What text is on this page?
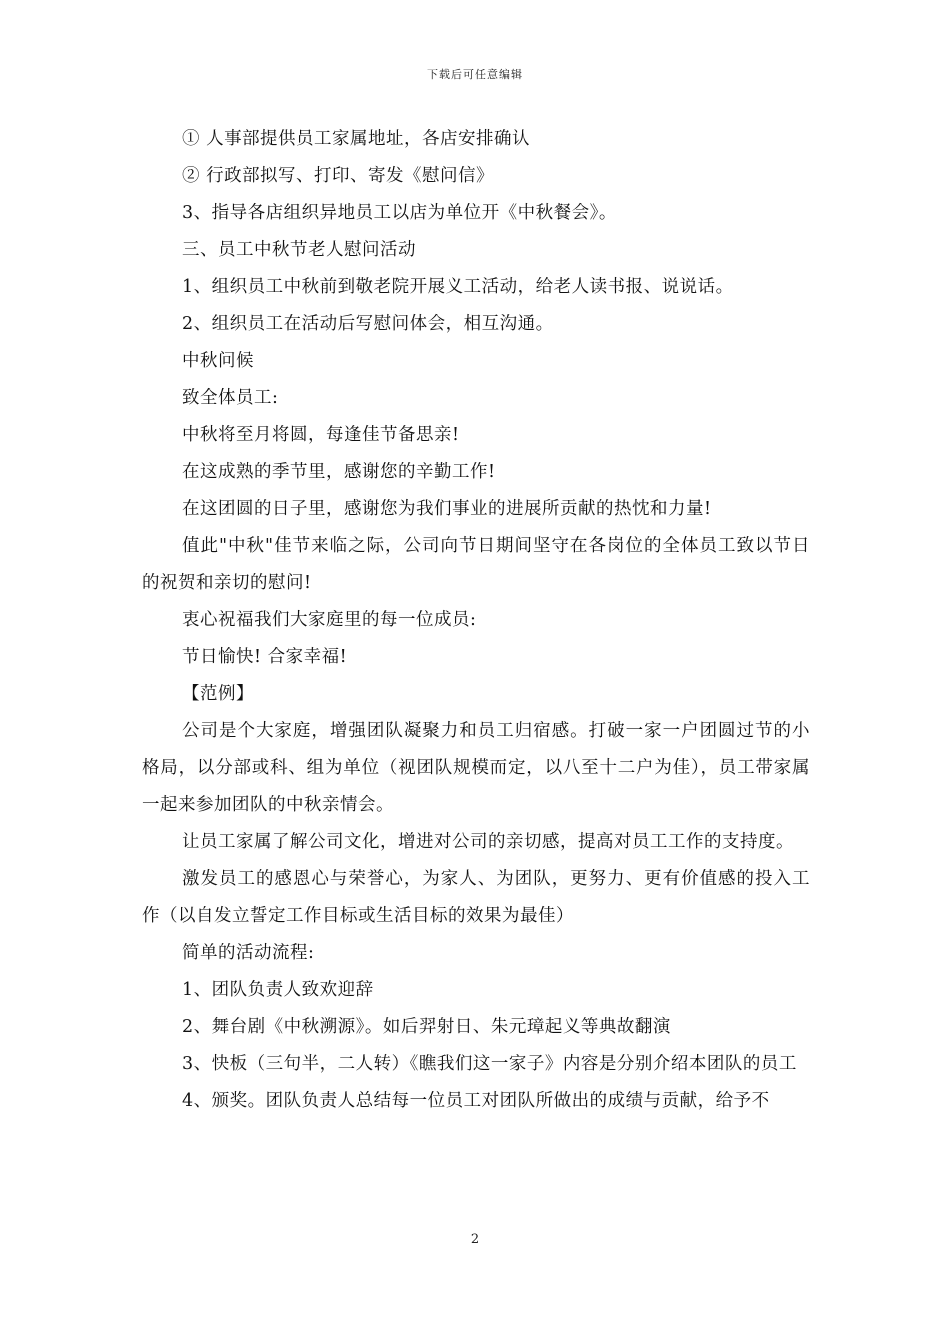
下载后可任意编辑

① 人事部提供员工家属地址，各店安排确认

② 行政部拟写、打印、寄发《慰问信》

3、指导各店组织异地员工以店为单位开《中秋餐会》。

三、员工中秋节老人慰问活动

1、组织员工中秋前到敬老院开展义工活动，给老人读书报、说说话。

2、组织员工在活动后写慰问体会，相互沟通。

中秋问候

致全体员工:

中秋将至月将圆，每逢佳节备思亲!

在这成熟的季节里，感谢您的辛勤工作!

在这团圆的日子里，感谢您为我们事业的进展所贡献的热忱和力量!

值此"中秋"佳节来临之际，公司向节日期间坚守在各岗位的全体员工致以节日的祝贺和亲切的慰问!

衷心祝福我们大家庭里的每一位成员:

节日愉快! 合家幸福!

【范例】

公司是个大家庭，增强团队凝聚力和员工归宿感。打破一家一户团圆过节的小格局，以分部或科、组为单位（视团队规模而定，以八至十二户为佳），员工带家属一起来参加团队的中秋亲情会。

让员工家属了解公司文化，增进对公司的亲切感，提高对员工工作的支持度。

激发员工的感恩心与荣誉心，为家人、为团队，更努力、更有价值感的投入工作（以自发立誓定工作目标或生活目标的效果为最佳）

简单的活动流程:

1、团队负责人致欢迎辞

2、舞台剧《中秋溯源》。如后羿射日、朱元璋起义等典故翻演

3、快板（三句半，二人转）《瞧我们这一家子》内容是分别介绍本团队的员工

4、颁奖。团队负责人总结每一位员工对团队所做出的成绩与贡献，给予不

2
